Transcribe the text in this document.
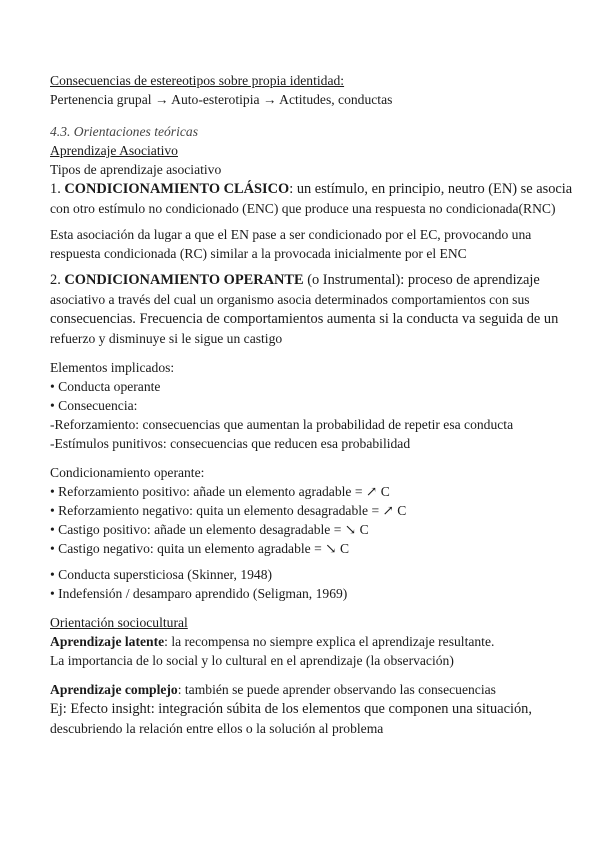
Consecuencias de estereotipos sobre propia identidad:
Pertenencia grupal → Auto-esterotipia → Actitudes, conductas
4.3. Orientaciones teóricas
Aprendizaje Asociativo
Tipos de aprendizaje asociativo
1. CONDICIONAMIENTO CLÁSICO: un estímulo, en principio, neutro (EN) se asocia
con otro estímulo no condicionado (ENC) que produce una respuesta no condicionada(RNC)
Esta asociación da lugar a que el EN pase a ser condicionado por el EC, provocando una
respuesta condicionada (RC) similar a la provocada inicialmente por el ENC
2. CONDICIONAMIENTO OPERANTE (o Instrumental): proceso de aprendizaje
asociativo a través del cual un organismo asocia determinados comportamientos con sus
consecuencias. Frecuencia de comportamientos aumenta si la conducta va seguida de un
refuerzo y disminuye si le sigue un castigo
Elementos implicados:
• Conducta operante
• Consecuencia:
-Reforzamiento: consecuencias que aumentan la probabilidad de repetir esa conducta
-Estímulos punitivos: consecuencias que reducen esa probabilidad
Condicionamiento operante:
• Reforzamiento positivo: añade un elemento agradable = ↗ C
• Reforzamiento negativo: quita un elemento desagradable = ↗ C
• Castigo positivo: añade un elemento desagradable = ↘ C
• Castigo negativo: quita un elemento agradable = ↘ C
• Conducta supersticiosa (Skinner, 1948)
• Indefensión / desamparo aprendido (Seligman, 1969)
Orientación sociocultural
Aprendizaje latente: la recompensa no siempre explica el aprendizaje resultante.
La importancia de lo social y lo cultural en el aprendizaje (la observación)
Aprendizaje complejo: también se puede aprender observando las consecuencias
Ej: Efecto insight: integración súbita de los elementos que componen una situación,
descubriendo la relación entre ellos o la solución al problema
